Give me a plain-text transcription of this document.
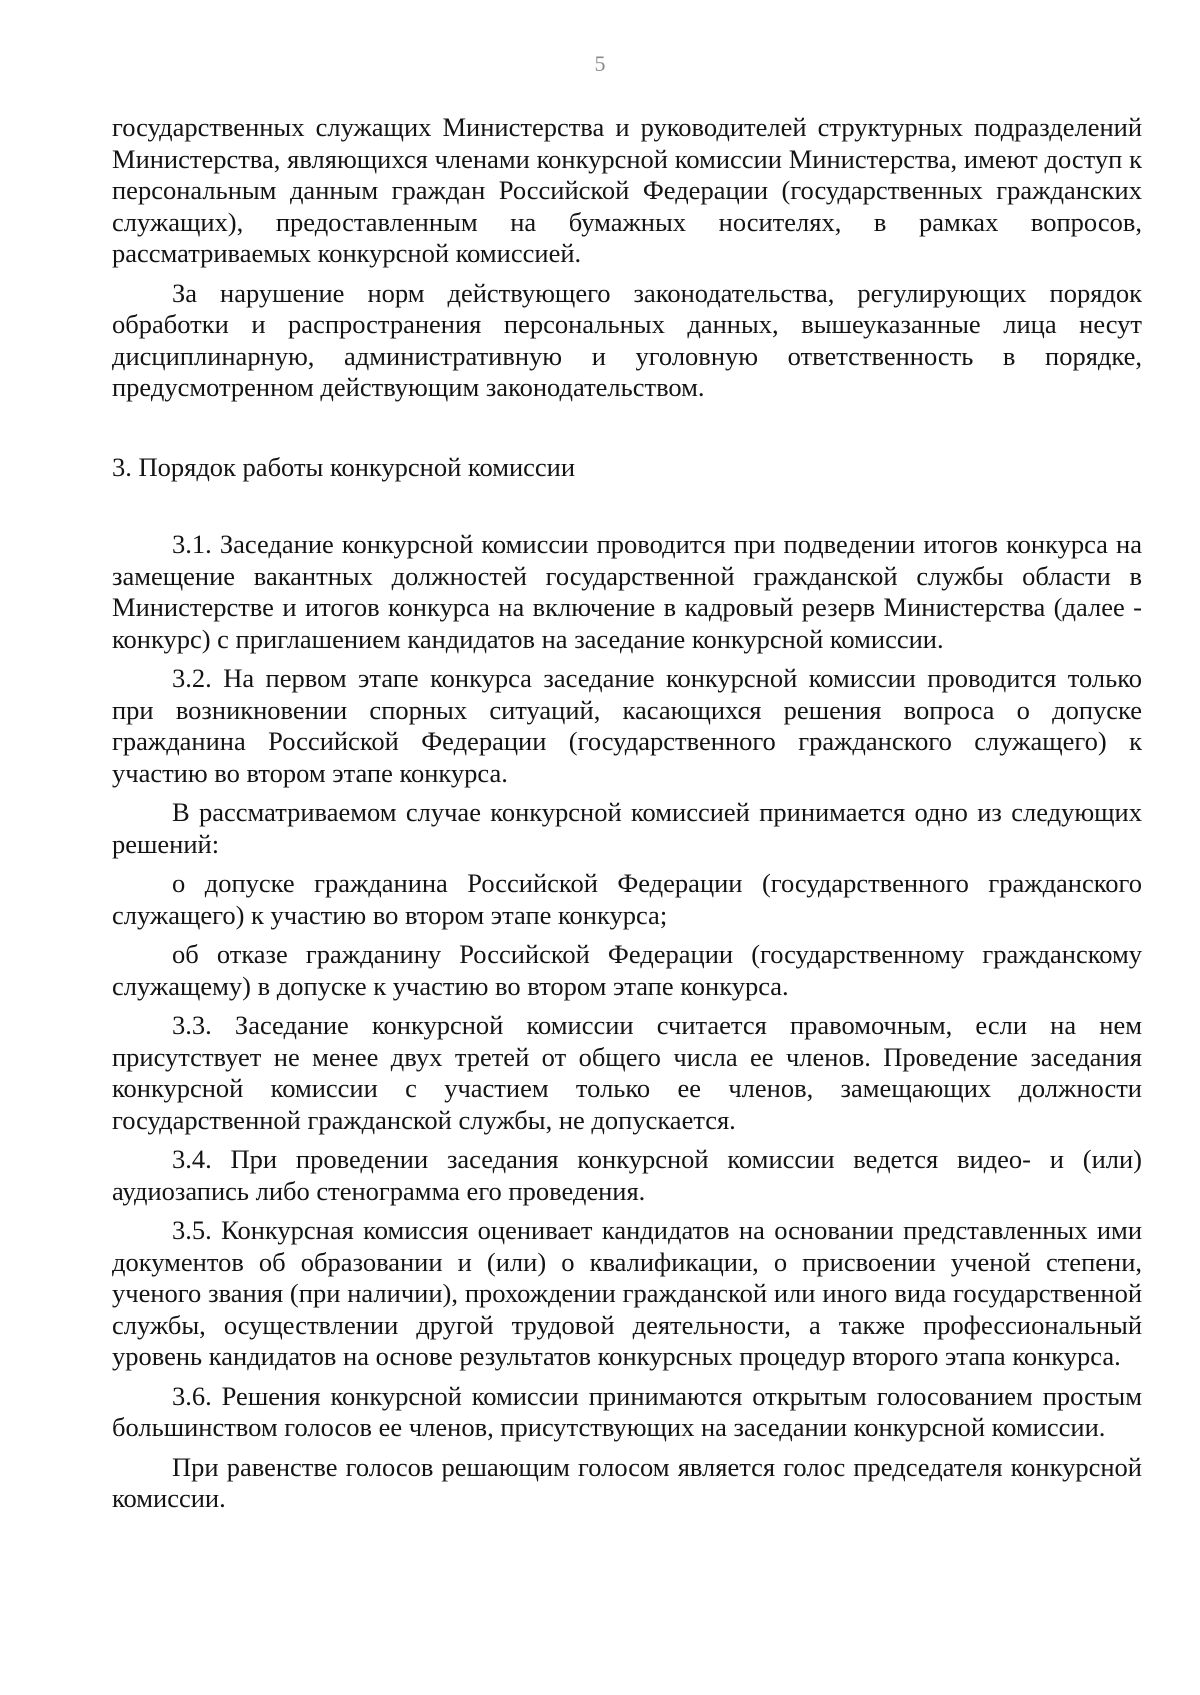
5

государственных служащих Министерства и руководителей структурных подразделений Министерства, являющихся членами конкурсной комиссии Министерства, имеют доступ к персональным данным граждан Российской Федерации (государственных гражданских служащих), предоставленным на бумажных носителях, в рамках вопросов, рассматриваемых конкурсной комиссией.

За нарушение норм действующего законодательства, регулирующих порядок обработки и распространения персональных данных, вышеуказанные лица несут дисциплинарную, административную и уголовную ответственность в порядке, предусмотренном действующим законодательством.

3. Порядок работы конкурсной комиссии

3.1. Заседание конкурсной комиссии проводится при подведении итогов конкурса на замещение вакантных должностей государственной гражданской службы области в Министерстве и итогов конкурса на включение в кадровый резерв Министерства (далее - конкурс) с приглашением кандидатов на заседание конкурсной комиссии.

3.2. На первом этапе конкурса заседание конкурсной комиссии проводится только при возникновении спорных ситуаций, касающихся решения вопроса о допуске гражданина Российской Федерации (государственного гражданского служащего) к участию во втором этапе конкурса.

В рассматриваемом случае конкурсной комиссией принимается одно из следующих решений:

о допуске гражданина Российской Федерации (государственного гражданского служащего) к участию во втором этапе конкурса;

об отказе гражданину Российской Федерации (государственному гражданскому служащему) в допуске к участию во втором этапе конкурса.

3.3. Заседание конкурсной комиссии считается правомочным, если на нем присутствует не менее двух третей от общего числа ее членов. Проведение заседания конкурсной комиссии с участием только ее членов, замещающих должности государственной гражданской службы, не допускается.

3.4. При проведении заседания конкурсной комиссии ведется видео- и (или) аудиозапись либо стенограмма его проведения.

3.5. Конкурсная комиссия оценивает кандидатов на основании представленных ими документов об образовании и (или) о квалификации, о присвоении ученой степени, ученого звания (при наличии), прохождении гражданской или иного вида государственной службы, осуществлении другой трудовой деятельности, а также профессиональный уровень кандидатов на основе результатов конкурсных процедур второго этапа конкурса.

3.6. Решения конкурсной комиссии принимаются открытым голосованием простым большинством голосов ее членов, присутствующих на заседании конкурсной комиссии.

При равенстве голосов решающим голосом является голос председателя конкурсной комиссии.
